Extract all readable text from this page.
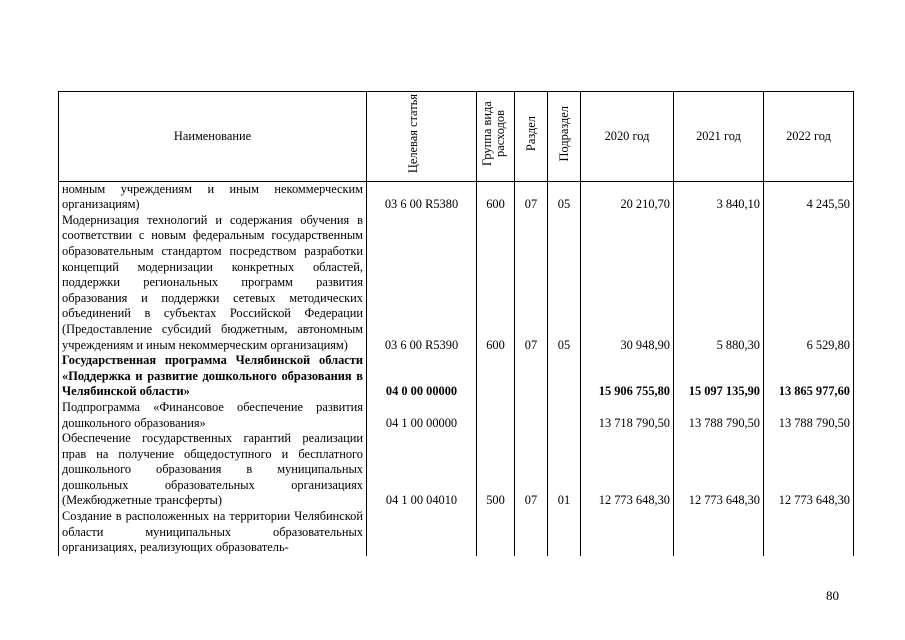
Наименование	Целевая статья	Группа вида расходов	Раздел	Подраздел	2020 год	2021 год	2022 год
номным учреждениям и иным некоммерческим организациям)	03 6 00 R5380	600	07	05	20 210,70	3 840,10	4 245,50
Модернизация технологий и содержания обучения в соответствии с новым федеральным государственным образовательным стандартом посредством разработки концепций модернизации конкретных областей, поддержки региональных программ развития образования и поддержки сетевых методических объединений в субъектах Российской Федерации (Предоставление субсидий бюджетным, автономным учреждениям и иным некоммерческим организациям)	03 6 00 R5390	600	07	05	30 948,90	5 880,30	6 529,80
Государственная программа Челябинской области «Поддержка и развитие дошкольного образования в Челябинской области»	04 0 00 00000				15 906 755,80	15 097 135,90	13 865 977,60
Подпрограмма «Финансовое обеспечение развития дошкольного образования»	04 1 00 00000				13 718 790,50	13 788 790,50	13 788 790,50
Обеспечение государственных гарантий реализации прав на получение общедоступного и бесплатного дошкольного образования в муниципальных дошкольных образовательных организациях (Межбюджетные трансферты)	04 1 00 04010	500	07	01	12 773 648,30	12 773 648,30	12 773 648,30
Создание в расположенных на территории Челябинской области муниципальных образовательных организациях, реализующих образователь-							
80
